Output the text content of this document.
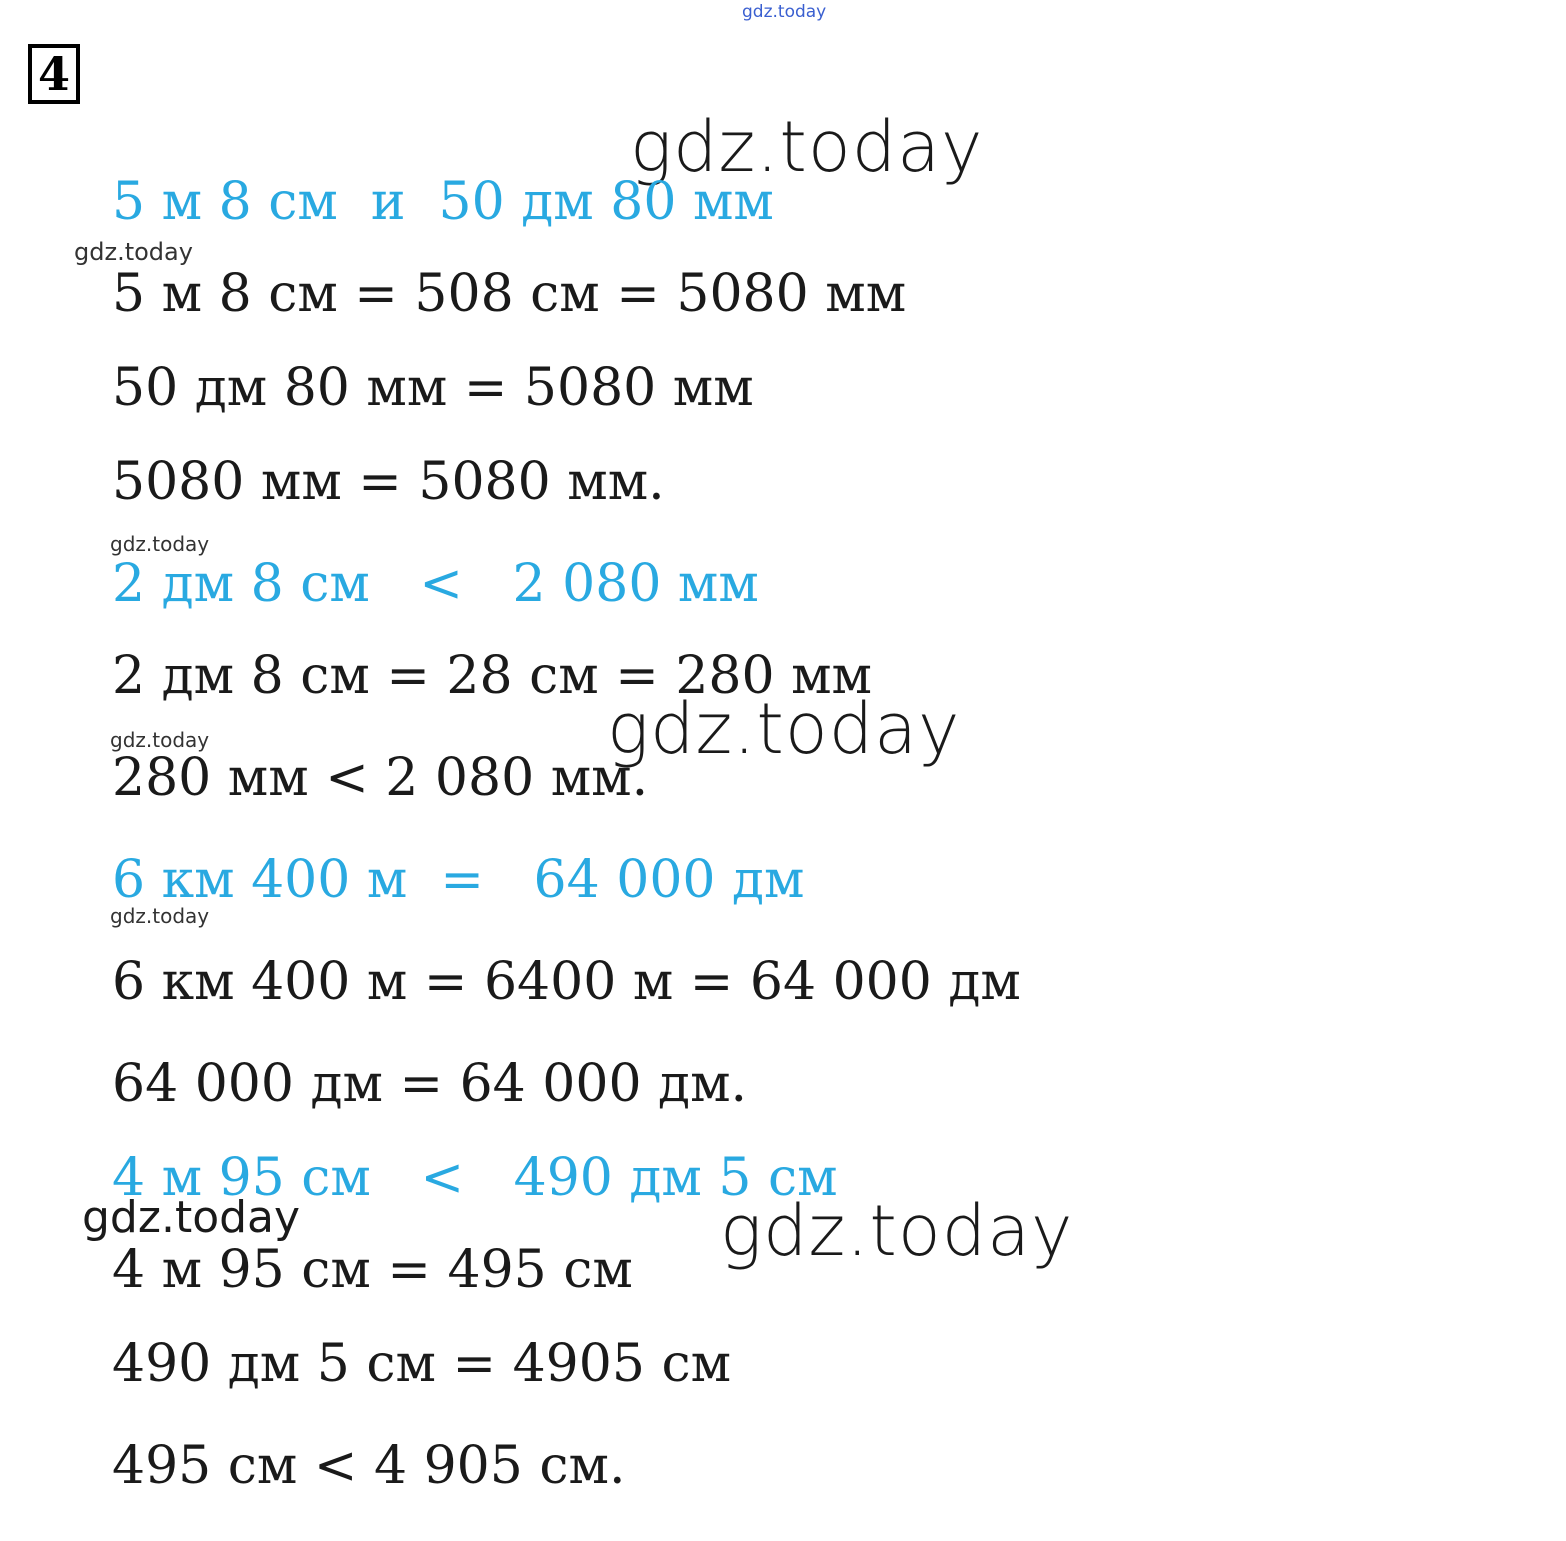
gdz.today
4
gdz.today
gdz.today
gdz.today
gdz.today
gdz.today
gdz.today
gdz.today	gdz.today
5 м 8 см  и  50 дм 80 мм
5 м 8 см = 508 см = 5080 мм
50 дм 80 мм = 5080 мм
5080 мм = 5080 мм.
2 дм 8 см   <   2 080 мм
2 дм 8 см = 28 см = 280 мм
280 мм < 2 080 мм.
6 км 400 м  =   64 000 дм
6 км 400 м = 6400 м = 64 000 дм
64 000 дм = 64 000 дм.
4 м 95 см   <   490 дм 5 см
4 м 95 см = 495 см
490 дм 5 см = 4905 см
495 см < 4 905 см.
